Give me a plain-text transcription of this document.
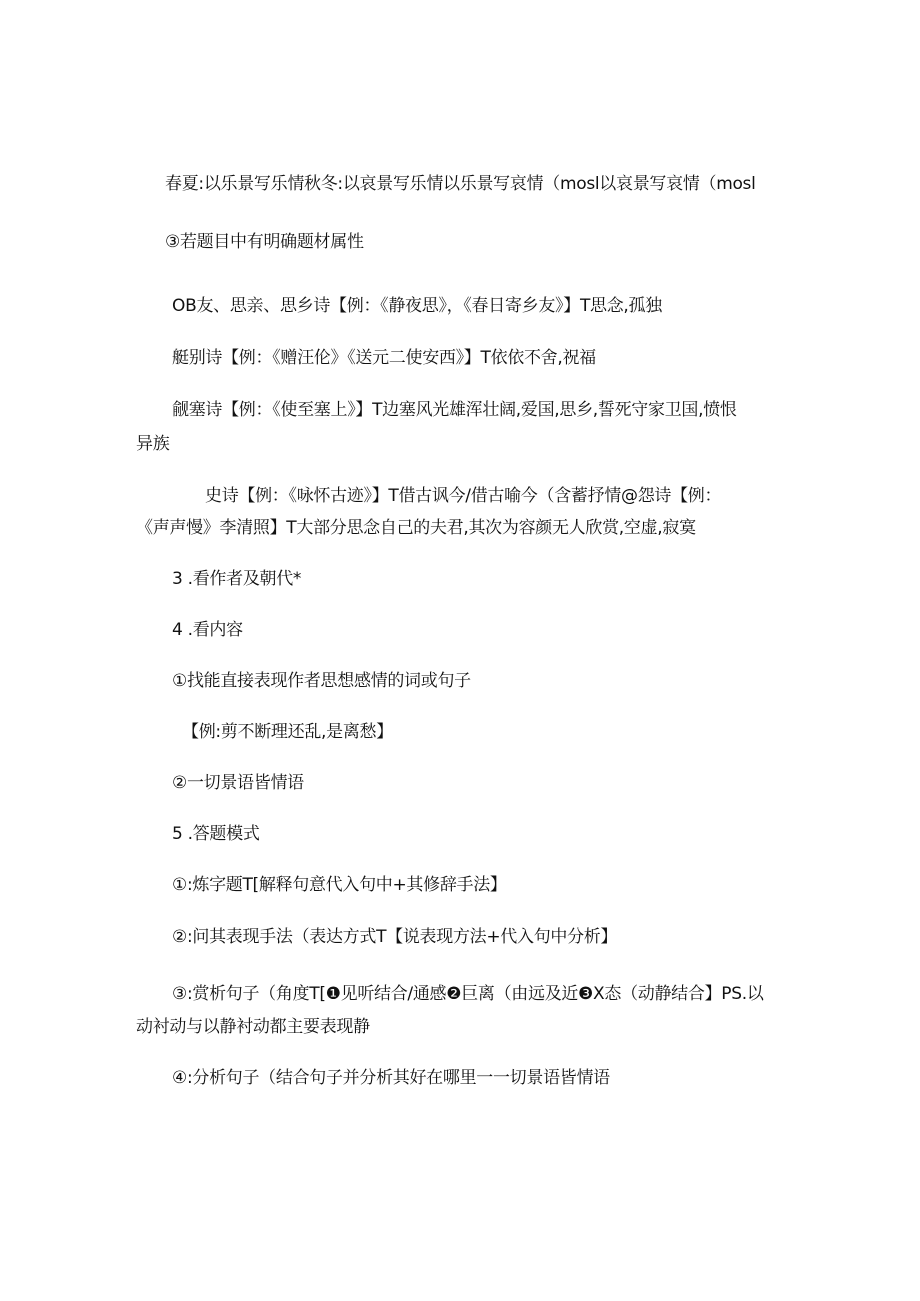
春夏:以乐景写乐情秋冬:以哀景写乐情以乐景写哀情（mosl以哀景写哀情（mosl
③若题目中有明确题材属性
OB友、思亲、思乡诗【例：《静夜思》，《春日寄乡友》】T思念,孤独
艇别诗【例：《赠汪伦》《送元二使安西》】T依依不舍,祝福
觎塞诗【例：《使至塞上》】T边塞风光雄浑壮阔,爱国,思乡,誓死守家卫国,愤恨
异族
史诗【例：《咏怀古迹》】T借古讽今/借古喻今（含蓄抒情@怨诗【例：
《声声慢》李清照】T大部分思念自己的夫君,其次为容颜无人欣赏,空虚,寂寞
3 .看作者及朝代*
4 .看内容
①找能直接表现作者思想感情的词或句子
【例:剪不断理还乱,是离愁】
②一切景语皆情语
5 .答题模式
①:炼字题T[解释句意代入句中+其修辞手法】
②:问其表现手法（表达方式T【说表现方法+代入句中分析】
③:赏析句子（角度T[❶见听结合/通感❷巨离（由远及近❸X态（动静结合】PS.以
动衬动与以静衬动都主要表现静
④:分析句子（结合句子并分析其好在哪里一一切景语皆情语
